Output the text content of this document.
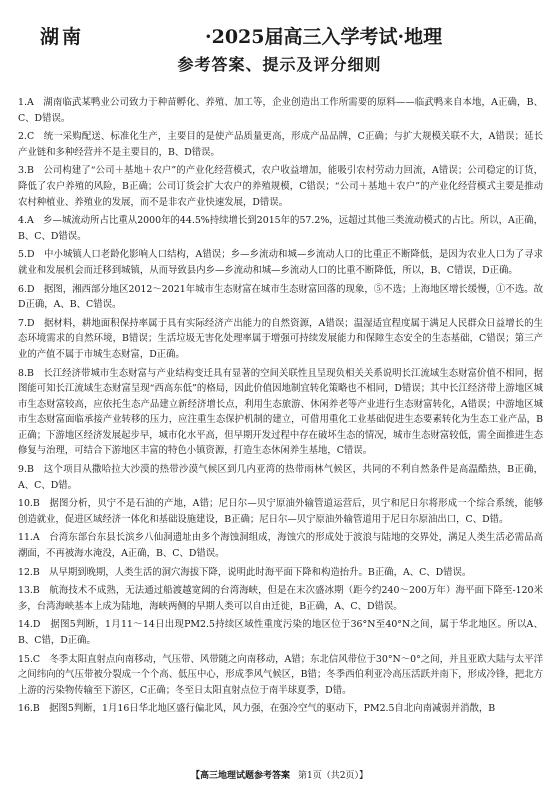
湖南	·2025届高三入学考试·地理
参考答案、提示及评分细则

1.A　湖南临武某鸭业公司致力于种苗孵化、养殖、加工等，企业创造出工作所需要的原料——临武鸭来自本地，A正确，B、C、D错误。

2.C　统一采购配送、标准化生产，主要目的是使产品质量更高，形成产品品牌，C正确；与扩大规模关联不大，A错误；延长产业链和多种经营并不是主要目的，B、D错误。

3.B　公司构建了“公司＋基地＋农户”的产业化经营模式，农户收益增加，能吸引农村劳动力回流，A错误；公司稳定的订货，降低了农户养殖的风险，B正确；公司订货会扩大农户的养殖规模，C错误；“公司＋基地＋农户”的产业化经营模式主要是推动农村种植业、养殖业的发展，而不是非农产业快速发展，D错误。

4.A　乡—城流动所占比重从2000年的44.5%持续增长到2015年的57.2%，远超过其他三类流动模式的占比。所以，A正确，B、C、D错误。

5.D　中小城镇人口老龄化影响人口结构，A错误；乡—乡流动和城—乡流动人口的比重正不断降低，是因为农业人口为了寻求就业和发展机会而迁移到城镇，从而导致县内乡—乡流动和城—乡流动人口的比重不断降低，所以，B、C错误，D正确。

6.D　据图，湘西部分地区2012～2021年城市生态财富在城市生态财富回落的现象，⑤不选；上海地区增长缓慢，①不选。故D正确，A、B、C错误。

7.D　据材料，耕地面积保持率属于具有实际经济产出能力的自然资源，A错误；温湿适宜程度属于满足人民群众日益增长的生态环境需求的自然环境，B错误；生活垃圾无害化处理率属于增强可持续发展能力和保障生态安全的生态基础，C错误；第三产业的产值不属于市城生态财富，D正确。

8.B　长江经济带城市生态财富与产业结构变迁具有显著的空间关联性且呈现负相关关系说明长江流域生态财富价值不相同，据图能可知长江流域生态财富呈现“西高东低”的格局，因此价值因地制宜转化策略也不相同，D错误；其中长江经济带上游地区城市生态财富较高，应依托生态产品建立新经济增长点，利用生态旅游、休闲养老等产业进行生态财富转化，A错误；中游地区城市生态财富面临承接产业转移的压力，应注重生态保护机制的建立，可借用重化工业基础促进生态要素转化为生态工业产品，B正确；下游地区经济发展起步早，城市化水平高，但早期开发过程中存在破坏生态的情况，城市生态财富较低，需全面推进生态修复与治理，可结合下游地区丰富的特色小镇资源，打造生态休闲养生基地，C错误。

9.B　这个项目从撒哈拉大沙漠的热带沙漠气候区到几内亚湾的热带雨林气候区，共同的不利自然条件是高温酷热，B正确，A、C、D错。

10.B　据图分析，贝宁不是石油的产地，A错；尼日尔—贝宁原油外输管道运营后，贝宁和尼日尔将形成一个综合系统，能够创造就业，促进区域经济一体化和基础设施建设，B正确；尼日尔—贝宁原油外输管道用于尼日尔原油出口，C、D错。

11.A　台湾东部台东县长滨乡八仙洞遗址由多个海蚀洞组成，海蚀穴的形成处于波浪与陆地的交界处，满足人类生活必需品高潮面，不再被海水淹没，A正确，B、C、D错误。

12.B　从早期到晚期，人类生活的洞穴海拔下降，说明此时海平面下降和构造抬升。B正确，A、C、D错误。

13.B　航海技术不成熟，无法通过船渡越宽阔的台湾海峡，但是在末次盛冰期（距今约240～200万年）海平面下降至-120米多，台湾海峡基本上成为陆地，海峡两侧的早期人类可以自由迁徙，B正确，A、C、D错误。

14.D　据图5判断，1月11～14日出现PM2.5持续区域性重度污染的地区位于36°N至40°N之间，属于华北地区。所以A、B、C错，D正确。

15.C　冬季太阳直射点向南移动，气压带、风带随之向南移动，A错；东北信风带位于30°N～0°之间，并且亚欧大陆与太平洋之间纬向的气压带被分裂成一个个高、低压中心，形成季风气候区，B错；冬季西伯利亚冷高压活跃并南下，形成冷锋，把北方上游的污染物传输至下游区，C正确；冬至日太阳直射点位于南半球夏季，D错。

16.B　据图5判断，1月16日华北地区盛行偏北风，风力强，在强冷空气的驱动下，PM2.5自北向南减弱并消散，B

【高三地理试题参考答案 第1页（共2页）】
